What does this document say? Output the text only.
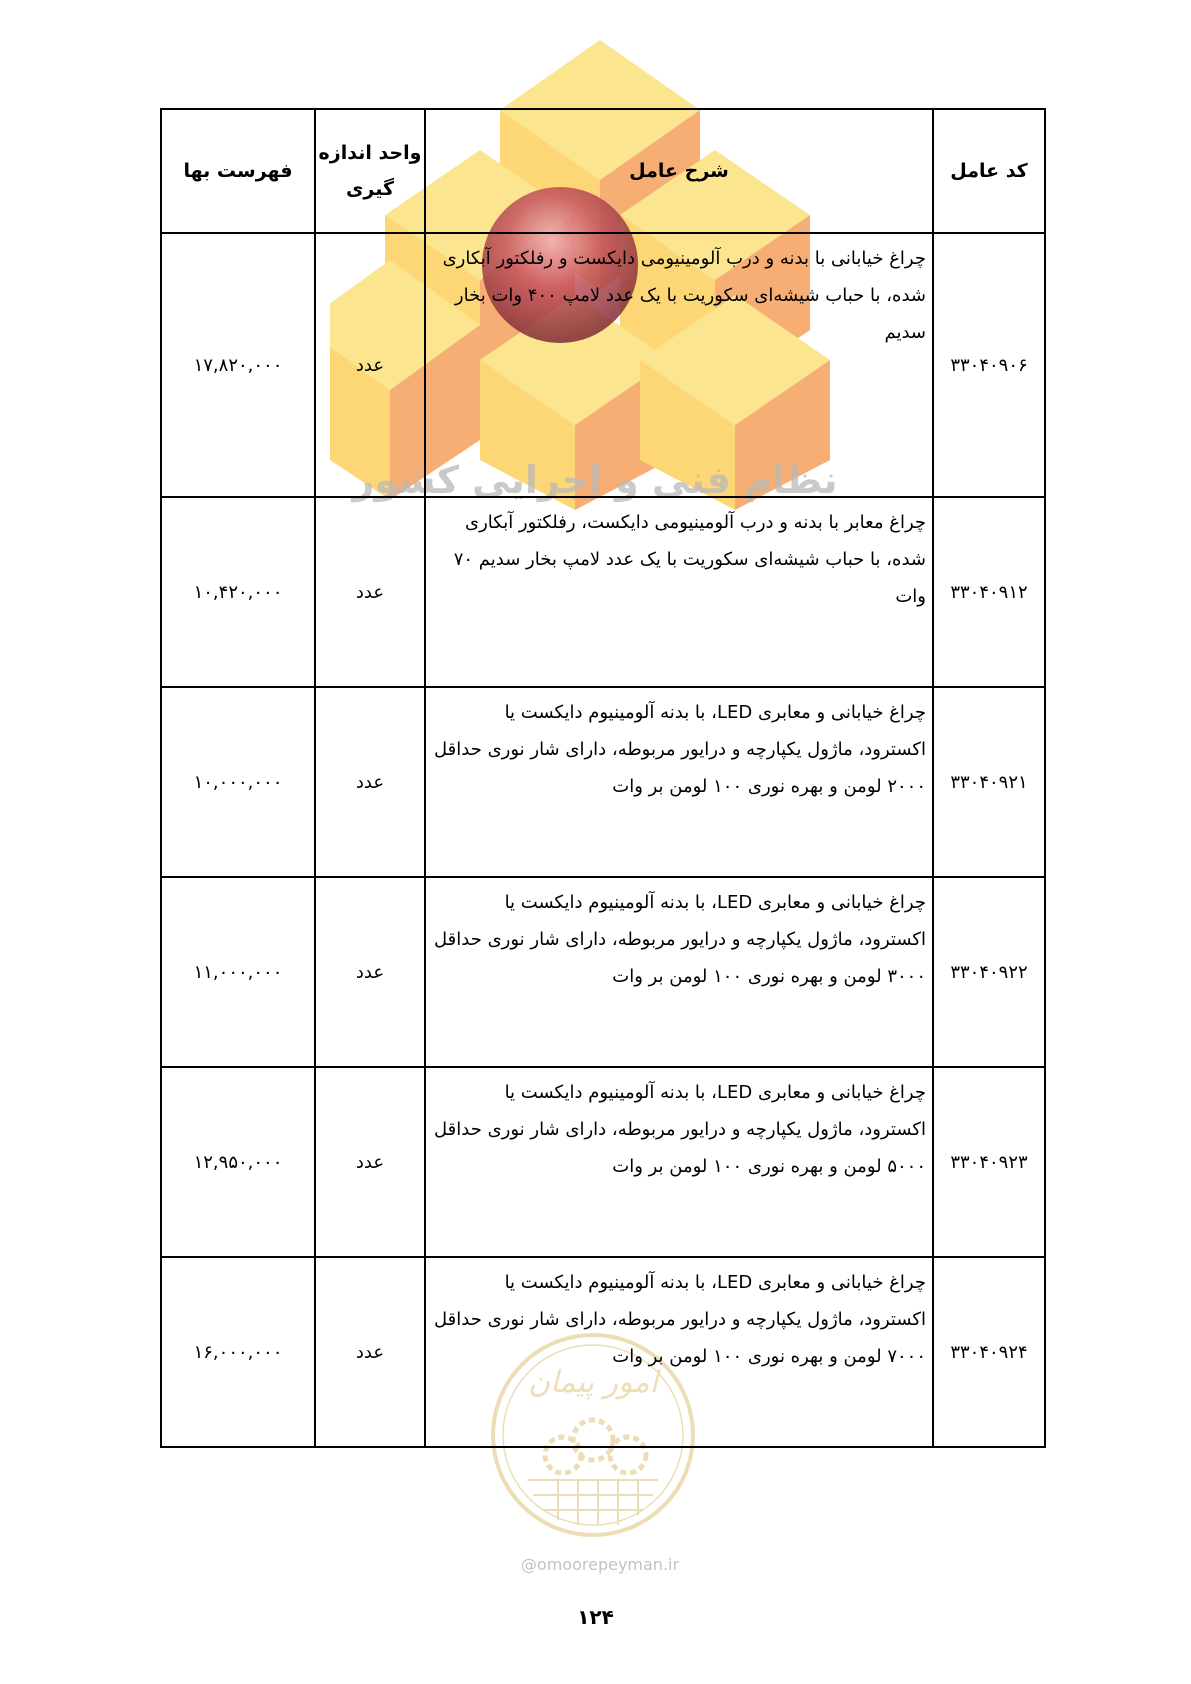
نظام فنی و اجرایی کشور
امور پیمان
@omoorepeyman.ir
کد عامل	شرح عامل	واحد اندازه گیری	فهرست بها
۳۳۰۴۰۹۰۶	چراغ خیابانی با بدنه و درب آلومینیومی دایکست و رفلکتور آبکاری شده، با حباب شیشه‌ای سکوریت با یک عدد لامپ ۴۰۰ وات بخار سدیم	عدد	۱۷,۸۲۰,۰۰۰
۳۳۰۴۰۹۱۲	چراغ معابر با بدنه و درب آلومینیومی دایکست، رفلکتور آبکاری شده، با حباب شیشه‌ای سکوریت با یک عدد لامپ بخار سدیم ۷۰ وات	عدد	۱۰,۴۲۰,۰۰۰
۳۳۰۴۰۹۲۱	چراغ خیابانی و معابری LED، با بدنه آلومینیوم دایکست یا اکسترود، ماژول یکپارچه و درایور مربوطه، دارای شار نوری حداقل ۲۰۰۰ لومن و بهره نوری ۱۰۰ لومن بر وات	عدد	۱۰,۰۰۰,۰۰۰
۳۳۰۴۰۹۲۲	چراغ خیابانی و معابری LED، با بدنه آلومینیوم دایکست یا اکسترود، ماژول یکپارچه و درایور مربوطه، دارای شار نوری حداقل ۳۰۰۰ لومن و بهره نوری ۱۰۰ لومن بر وات	عدد	۱۱,۰۰۰,۰۰۰
۳۳۰۴۰۹۲۳	چراغ خیابانی و معابری LED، با بدنه آلومینیوم دایکست یا اکسترود، ماژول یکپارچه و درایور مربوطه، دارای شار نوری حداقل ۵۰۰۰ لومن و بهره نوری ۱۰۰ لومن بر وات	عدد	۱۲,۹۵۰,۰۰۰
۳۳۰۴۰۹۲۴	چراغ خیابانی و معابری LED، با بدنه آلومینیوم دایکست یا اکسترود، ماژول یکپارچه و درایور مربوطه، دارای شار نوری حداقل ۷۰۰۰ لومن و بهره نوری ۱۰۰ لومن بر وات	عدد	۱۶,۰۰۰,۰۰۰
۱۲۴
